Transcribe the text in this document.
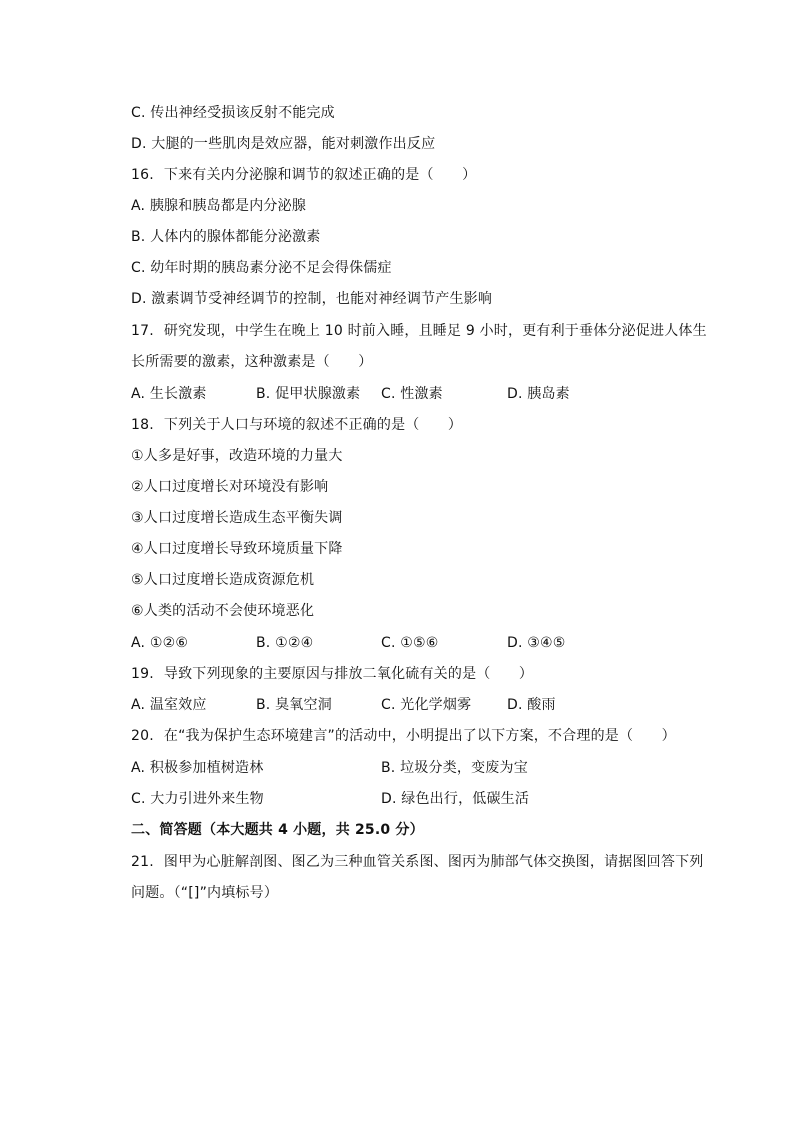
C. 传出神经受损该反射不能完成
D. 大腿的一些肌肉是效应器，能对刺激作出反应
16. 下来有关内分泌腺和调节的叙述正确的是（　　）
A. 胰腺和胰岛都是内分泌腺
B. 人体内的腺体都能分泌激素
C. 幼年时期的胰岛素分泌不足会得侏儒症
D. 激素调节受神经调节的控制，也能对神经调节产生影响
17. 研究发现，中学生在晚上 10 时前入睡，且睡足 9 小时，更有利于垂体分泌促进人体生
长所需要的激素，这种激素是（　　）
A. 生长激素	B. 促甲状腺激素 C. 性激素	D. 胰岛素
18. 下列关于人口与环境的叙述不正确的是（　　）
①人多是好事，改造环境的力量大
②人口过度增长对环境没有影响
③人口过度增长造成生态平衡失调
④人口过度增长导致环境质量下降
⑤人口过度增长造成资源危机
⑥人类的活动不会使环境恶化
A. ①②⑥	B. ①②④	C. ①⑤⑥	D. ③④⑤
19. 导致下列现象的主要原因与排放二氧化硫有关的是（　　）
A. 温室效应	B. 臭氧空洞	C. 光化学烟雾	D. 酸雨
20. 在“我为保护生态环境建言”的活动中，小明提出了以下方案，不合理的是（　　）
A. 积极参加植树造林	B. 垃圾分类，变废为宝
C. 大力引进外来生物	D. 绿色出行，低碳生活
二、简答题（本大题共 4 小题，共 25.0 分）
21. 图甲为心脏解剖图、图乙为三种血管关系图、图丙为肺部气体交换图，请据图回答下列
问题。（“[]”内填标号）
